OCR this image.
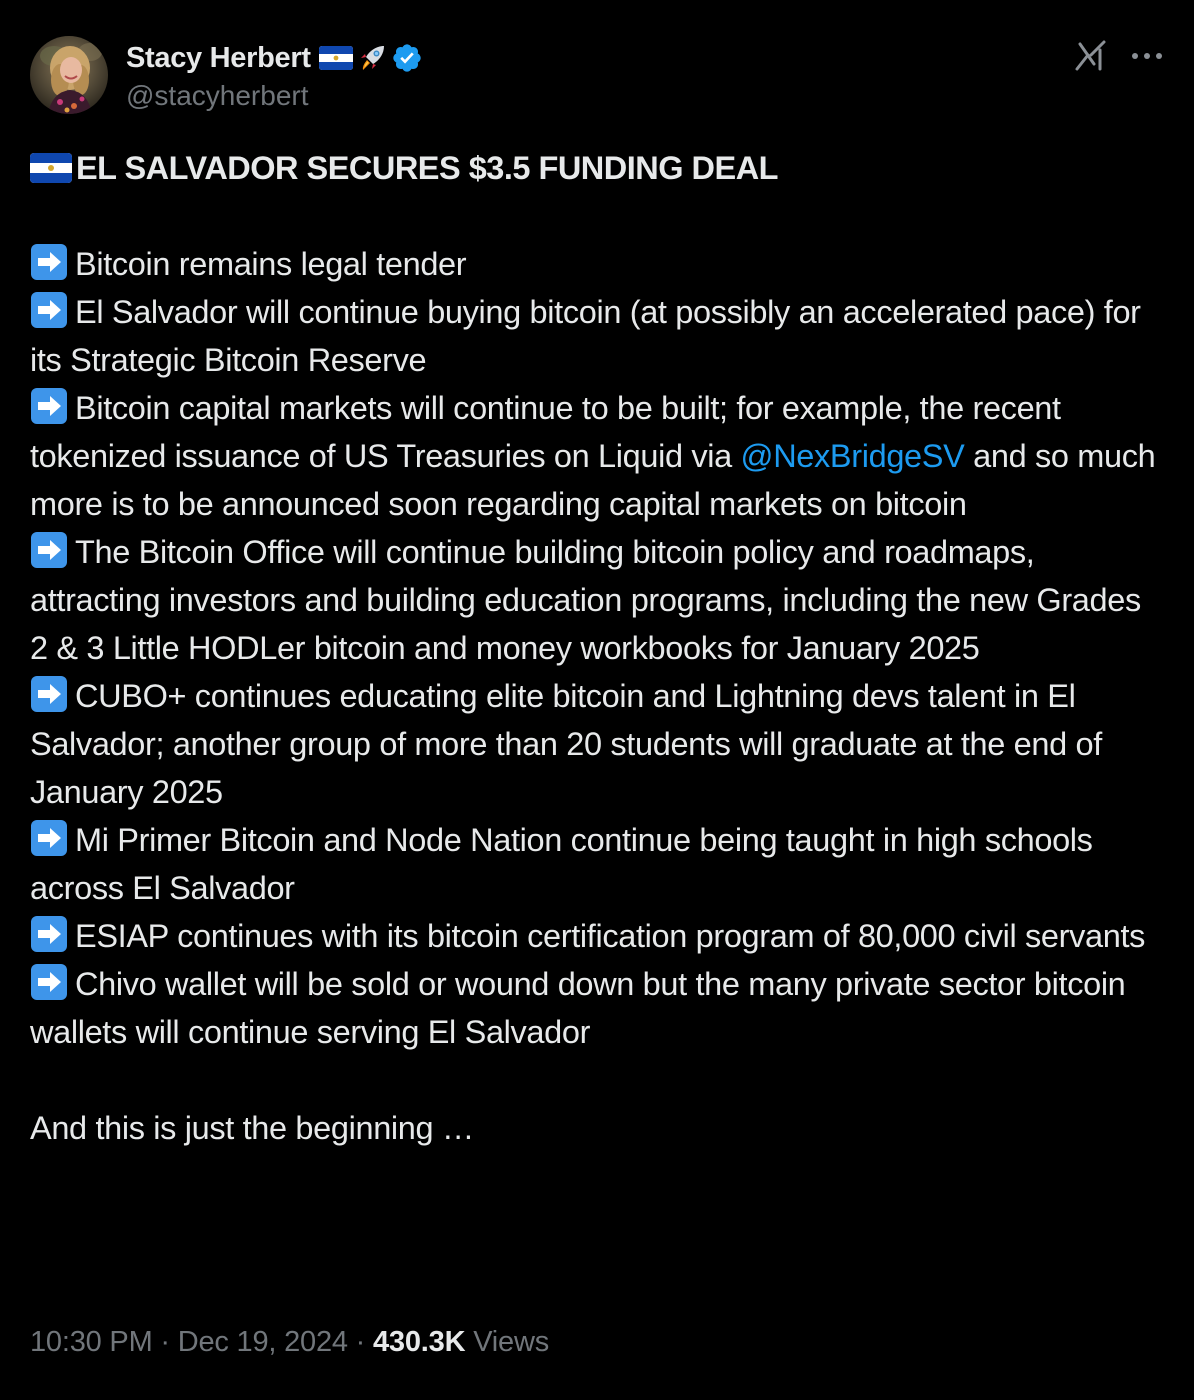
Stacy Herbert
@stacyherbert
EL SALVADOR SECURES $3.5 FUNDING DEAL
Bitcoin remains legal tender
El Salvador will continue buying bitcoin (at possibly an accelerated pace) for its Strategic Bitcoin Reserve
Bitcoin capital markets will continue to be built; for example, the recent tokenized issuance of US Treasuries on Liquid via @NexBridgeSV and so much more is to be announced soon regarding capital markets on bitcoin
The Bitcoin Office will continue building bitcoin policy and roadmaps, attracting investors and building education programs, including the new Grades 2 & 3 Little HODLer bitcoin and money workbooks for January 2025
CUBO+ continues educating elite bitcoin and Lightning devs talent in El Salvador; another group of more than 20 students will graduate at the end of January 2025
Mi Primer Bitcoin and Node Nation continue being taught in high schools across El Salvador
ESIAP continues with its bitcoin certification program of 80,000 civil servants
Chivo wallet will be sold or wound down but the many private sector bitcoin wallets will continue serving El Salvador
And this is just the beginning …
10:30 PM · Dec 19, 2024 · 430.3K Views
